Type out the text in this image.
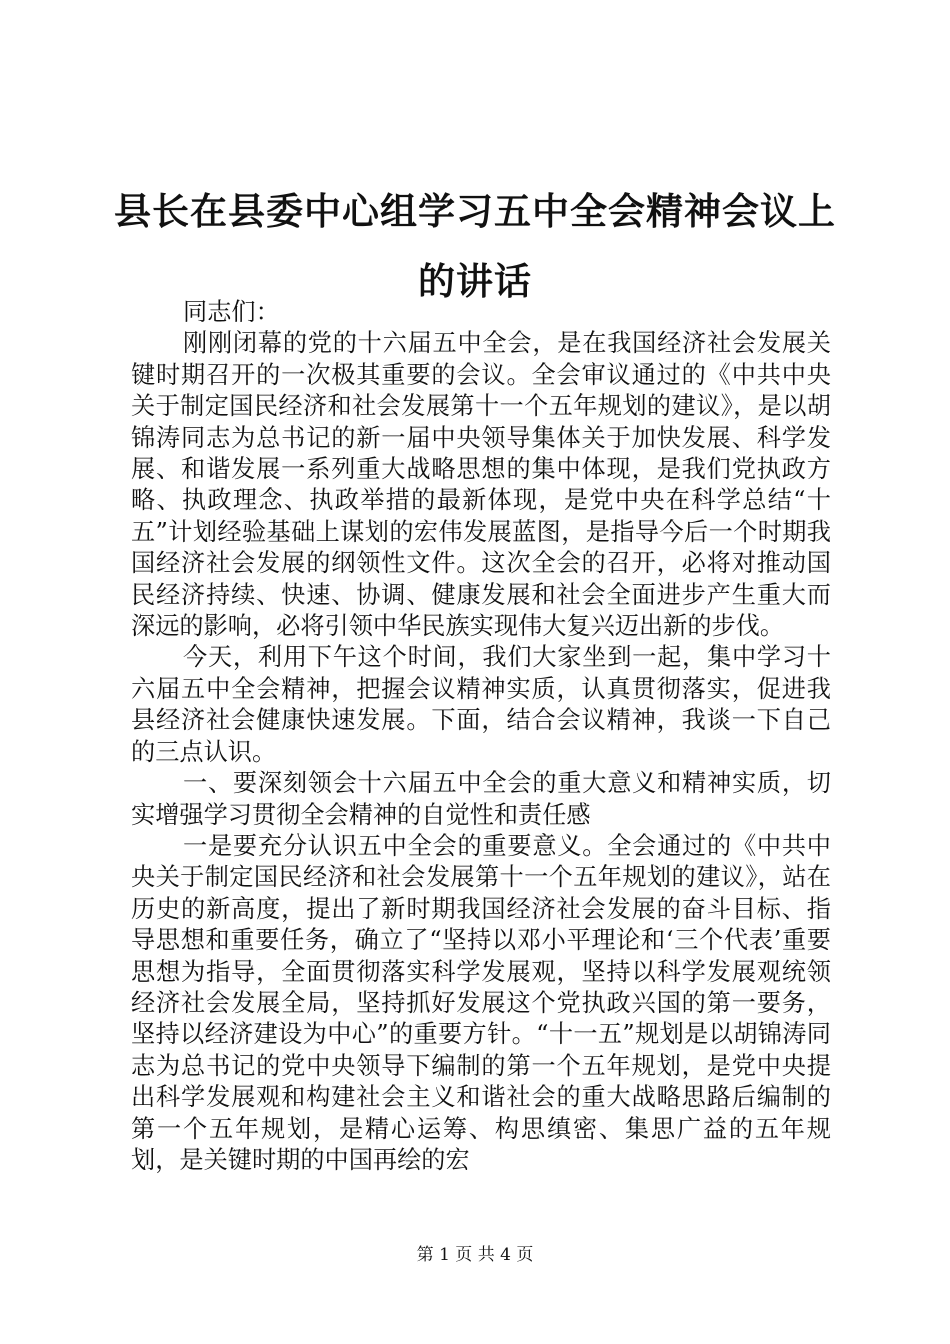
县长在县委中心组学习五中全会精神会议上的讲话

同志们：

刚刚闭幕的党的十六届五中全会，是在我国经济社会发展关键时期召开的一次极其重要的会议。全会审议通过的《中共中央关于制定国民经济和社会发展第十一个五年规划的建议》，是以胡锦涛同志为总书记的新一届中央领导集体关于加快发展、科学发展、和谐发展一系列重大战略思想的集中体现，是我们党执政方略、执政理念、执政举措的最新体现，是党中央在科学总结“十五”计划经验基础上谋划的宏伟发展蓝图，是指导今后一个时期我国经济社会发展的纲领性文件。这次全会的召开，必将对推动国民经济持续、快速、协调、健康发展和社会全面进步产生重大而深远的影响，必将引领中华民族实现伟大复兴迈出新的步伐。

今天，利用下午这个时间，我们大家坐到一起，集中学习十六届五中全会精神，把握会议精神实质，认真贯彻落实，促进我县经济社会健康快速发展。下面，结合会议精神，我谈一下自己的三点认识。

一、要深刻领会十六届五中全会的重大意义和精神实质，切实增强学习贯彻全会精神的自觉性和责任感

一是要充分认识五中全会的重要意义。全会通过的《中共中央关于制定国民经济和社会发展第十一个五年规划的建议》，站在历史的新高度，提出了新时期我国经济社会发展的奋斗目标、指导思想和重要任务，确立了“坚持以邓小平理论和‘三个代表’重要思想为指导，全面贯彻落实科学发展观，坚持以科学发展观统领经济社会发展全局，坚持抓好发展这个党执政兴国的第一要务，坚持以经济建设为中心”的重要方针。“十一五”规划是以胡锦涛同志为总书记的党中央领导下编制的第一个五年规划，是党中央提出科学发展观和构建社会主义和谐社会的重大战略思路后编制的第一个五年规划，是精心运筹、构思缜密、集思广益的五年规划，是关键时期的中国再绘的宏

第 1 页 共 4 页
